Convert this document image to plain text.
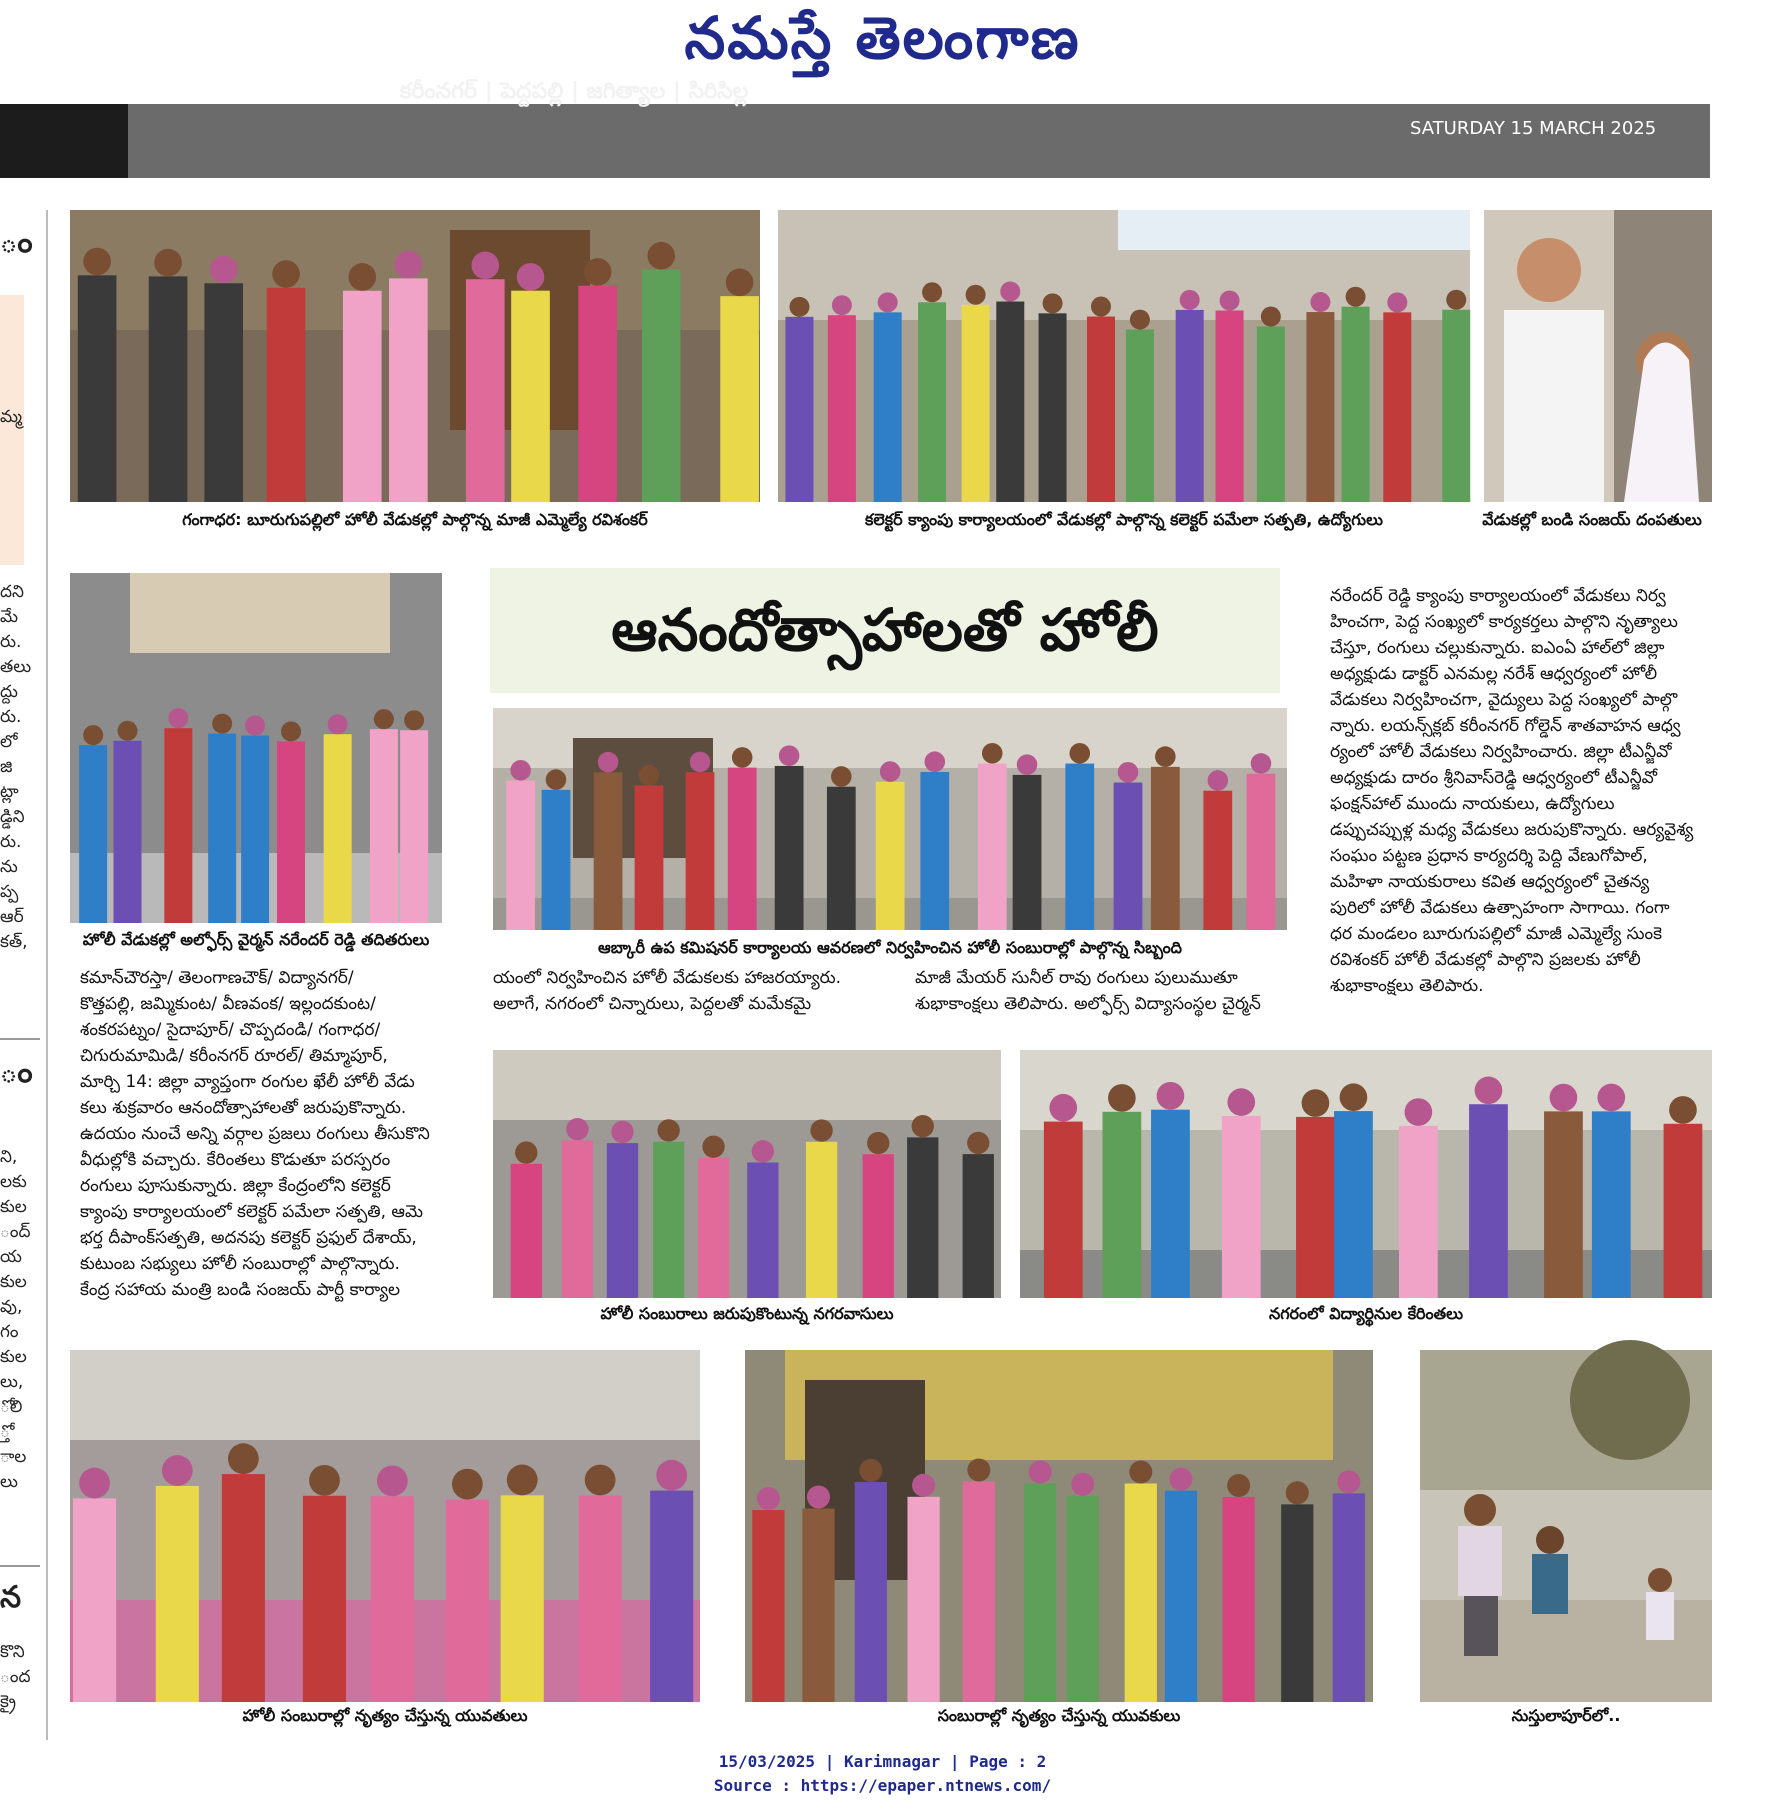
నమస్తే తెలంగాణ
కరీంనగర్ | పెద్దపల్లి | జగిత్యాల | సిరిసిల్ల
SATURDAY 15 MARCH 2025
ం
మ్మ
దని
మే
రు.
తలు
ద్దు
రు.
లో
జి
ట్లా
డ్డిని
రు.
ను
ప్ప
ఆర్
కత్,
ం
ని,
లకు
కుల
ంద్
య
కుల
వు,
గం
కుల
లు,
ోలి
్తో
ాల
లు
న
కొని
ంద
క్రై
గంగాధర: బూరుగుపల్లిలో హోలీ వేడుకల్లో పాల్గొన్న మాజీ ఎమ్మెల్యే రవిశంకర్	కలెక్టర్ క్యాంపు కార్యాలయంలో వేడుకల్లో పాల్గొన్న కలెక్టర్ పమేలా సత్పతి, ఉద్యోగులు	వేడుకల్లో బండి సంజయ్ దంపతులు
హోలీ వేడుకల్లో అల్ఫోర్స్ వైర్మన్ నరేందర్ రెడ్డి తదితరులు
ఆనందోత్సాహాలతో హోలీ
ఆబ్కారీ ఉప కమిషనర్ కార్యాలయ ఆవరణలో నిర్వహించిన హోలీ సంబురాల్లో పాల్గొన్న సిబ్బంది
కమాన్‌చౌరస్తా/ తెలంగాణచౌక్/ విద్యానగర్/
కొత్తపల్లి, జమ్మికుంట/ వీణవంక/ ఇల్లందకుంట/
శంకరపట్నం/ సైదాపూర్/ చొప్పదండి/ గంగాధర/
చిగురుమామిడి/ కరీంనగర్ రూరల్/ తిమ్మాపూర్,
మార్చి 14: జిల్లా వ్యాప్తంగా రంగుల ఖేలీ హోలీ వేడు
కలు శుక్రవారం ఆనందోత్సాహాలతో జరుపుకొన్నారు.
ఉదయం నుంచే అన్ని వర్గాల ప్రజలు రంగులు తీసుకొని
వీధుల్లోకి వచ్చారు. కేరింతలు కొడుతూ పరస్పరం
రంగులు పూసుకున్నారు. జిల్లా కేంద్రంలోని కలెక్టర్
క్యాంపు కార్యాలయంలో కలెక్టర్ పమేలా సత్పతి, ఆమె
భర్త దీపాంక్‌సత్పతి, అదనపు కలెక్టర్ ప్రఫుల్ దేశాయ్,
కుటుంబ సభ్యులు హోలీ సంబురాల్లో పాల్గొన్నారు.
కేంద్ర సహాయ మంత్రి బండి సంజయ్ పార్టీ కార్యాల
యంలో నిర్వహించిన హోలీ వేడుకలకు హాజరయ్యారు.
అలాగే, నగరంలో చిన్నారులు, పెద్దలతో మమేకమై
మాజీ మేయర్ సునీల్ రావు రంగులు పులుముతూ
శుభాకాంక్షలు తెలిపారు. అల్ఫోర్స్ విద్యాసంస్థల చైర్మన్
నరేందర్ రెడ్డి క్యాంపు కార్యాలయంలో వేడుకలు నిర్వ
హించగా, పెద్ద సంఖ్యలో కార్యకర్తలు పాల్గొని నృత్యాలు
చేస్తూ, రంగులు చల్లుకున్నారు. ఐఎంఏ హాల్‌లో జిల్లా
అధ్యక్షుడు డాక్టర్ ఎనమల్ల నరేశ్ ఆధ్వర్యంలో హోలీ
వేడుకలు నిర్వహించగా, వైద్యులు పెద్ద సంఖ్యలో పాల్గొ
న్నారు. లయన్స్‌క్లబ్ కరీంనగర్ గోల్డెన్ శాతవాహన ఆధ్వ
ర్యంలో హోలీ వేడుకలు నిర్వహించారు. జిల్లా టీఎన్జీవో
అధ్యక్షుడు దారం శ్రీనివాస్‌రెడ్డి ఆధ్వర్యంలో టీఎన్జీవో
ఫంక్షన్‌హాల్ ముందు నాయకులు, ఉద్యోగులు
డప్పుచప్పుళ్ల మధ్య వేడుకలు జరుపుకొన్నారు. ఆర్యవైశ్య
సంఘం పట్టణ ప్రధాన కార్యదర్శి పెద్ది వేణుగోపాల్,
మహిళా నాయకురాలు కవిత ఆధ్వర్యంలో చైతన్య
పురిలో హోలీ వేడుకలు ఉత్సాహంగా సాగాయి. గంగా
ధర మండలం బూరుగుపల్లిలో మాజీ ఎమ్మెల్యే సుంకె
రవిశంకర్ హోలీ వేడుకల్లో పాల్గొని ప్రజలకు హోలీ
శుభాకాంక్షలు తెలిపారు.
హోలీ సంబురాలు జరుపుకొంటున్న నగరవాసులు	నగరంలో విద్యార్థినుల కేరింతలు
హోలీ సంబురాల్లో నృత్యం చేస్తున్న యువతులు	సంబురాల్లో నృత్యం చేస్తున్న యువకులు	నుస్తులాపూర్‌లో..
15/03/2025 | Karimnagar | Page : 2
Source : https://epaper.ntnews.com/
